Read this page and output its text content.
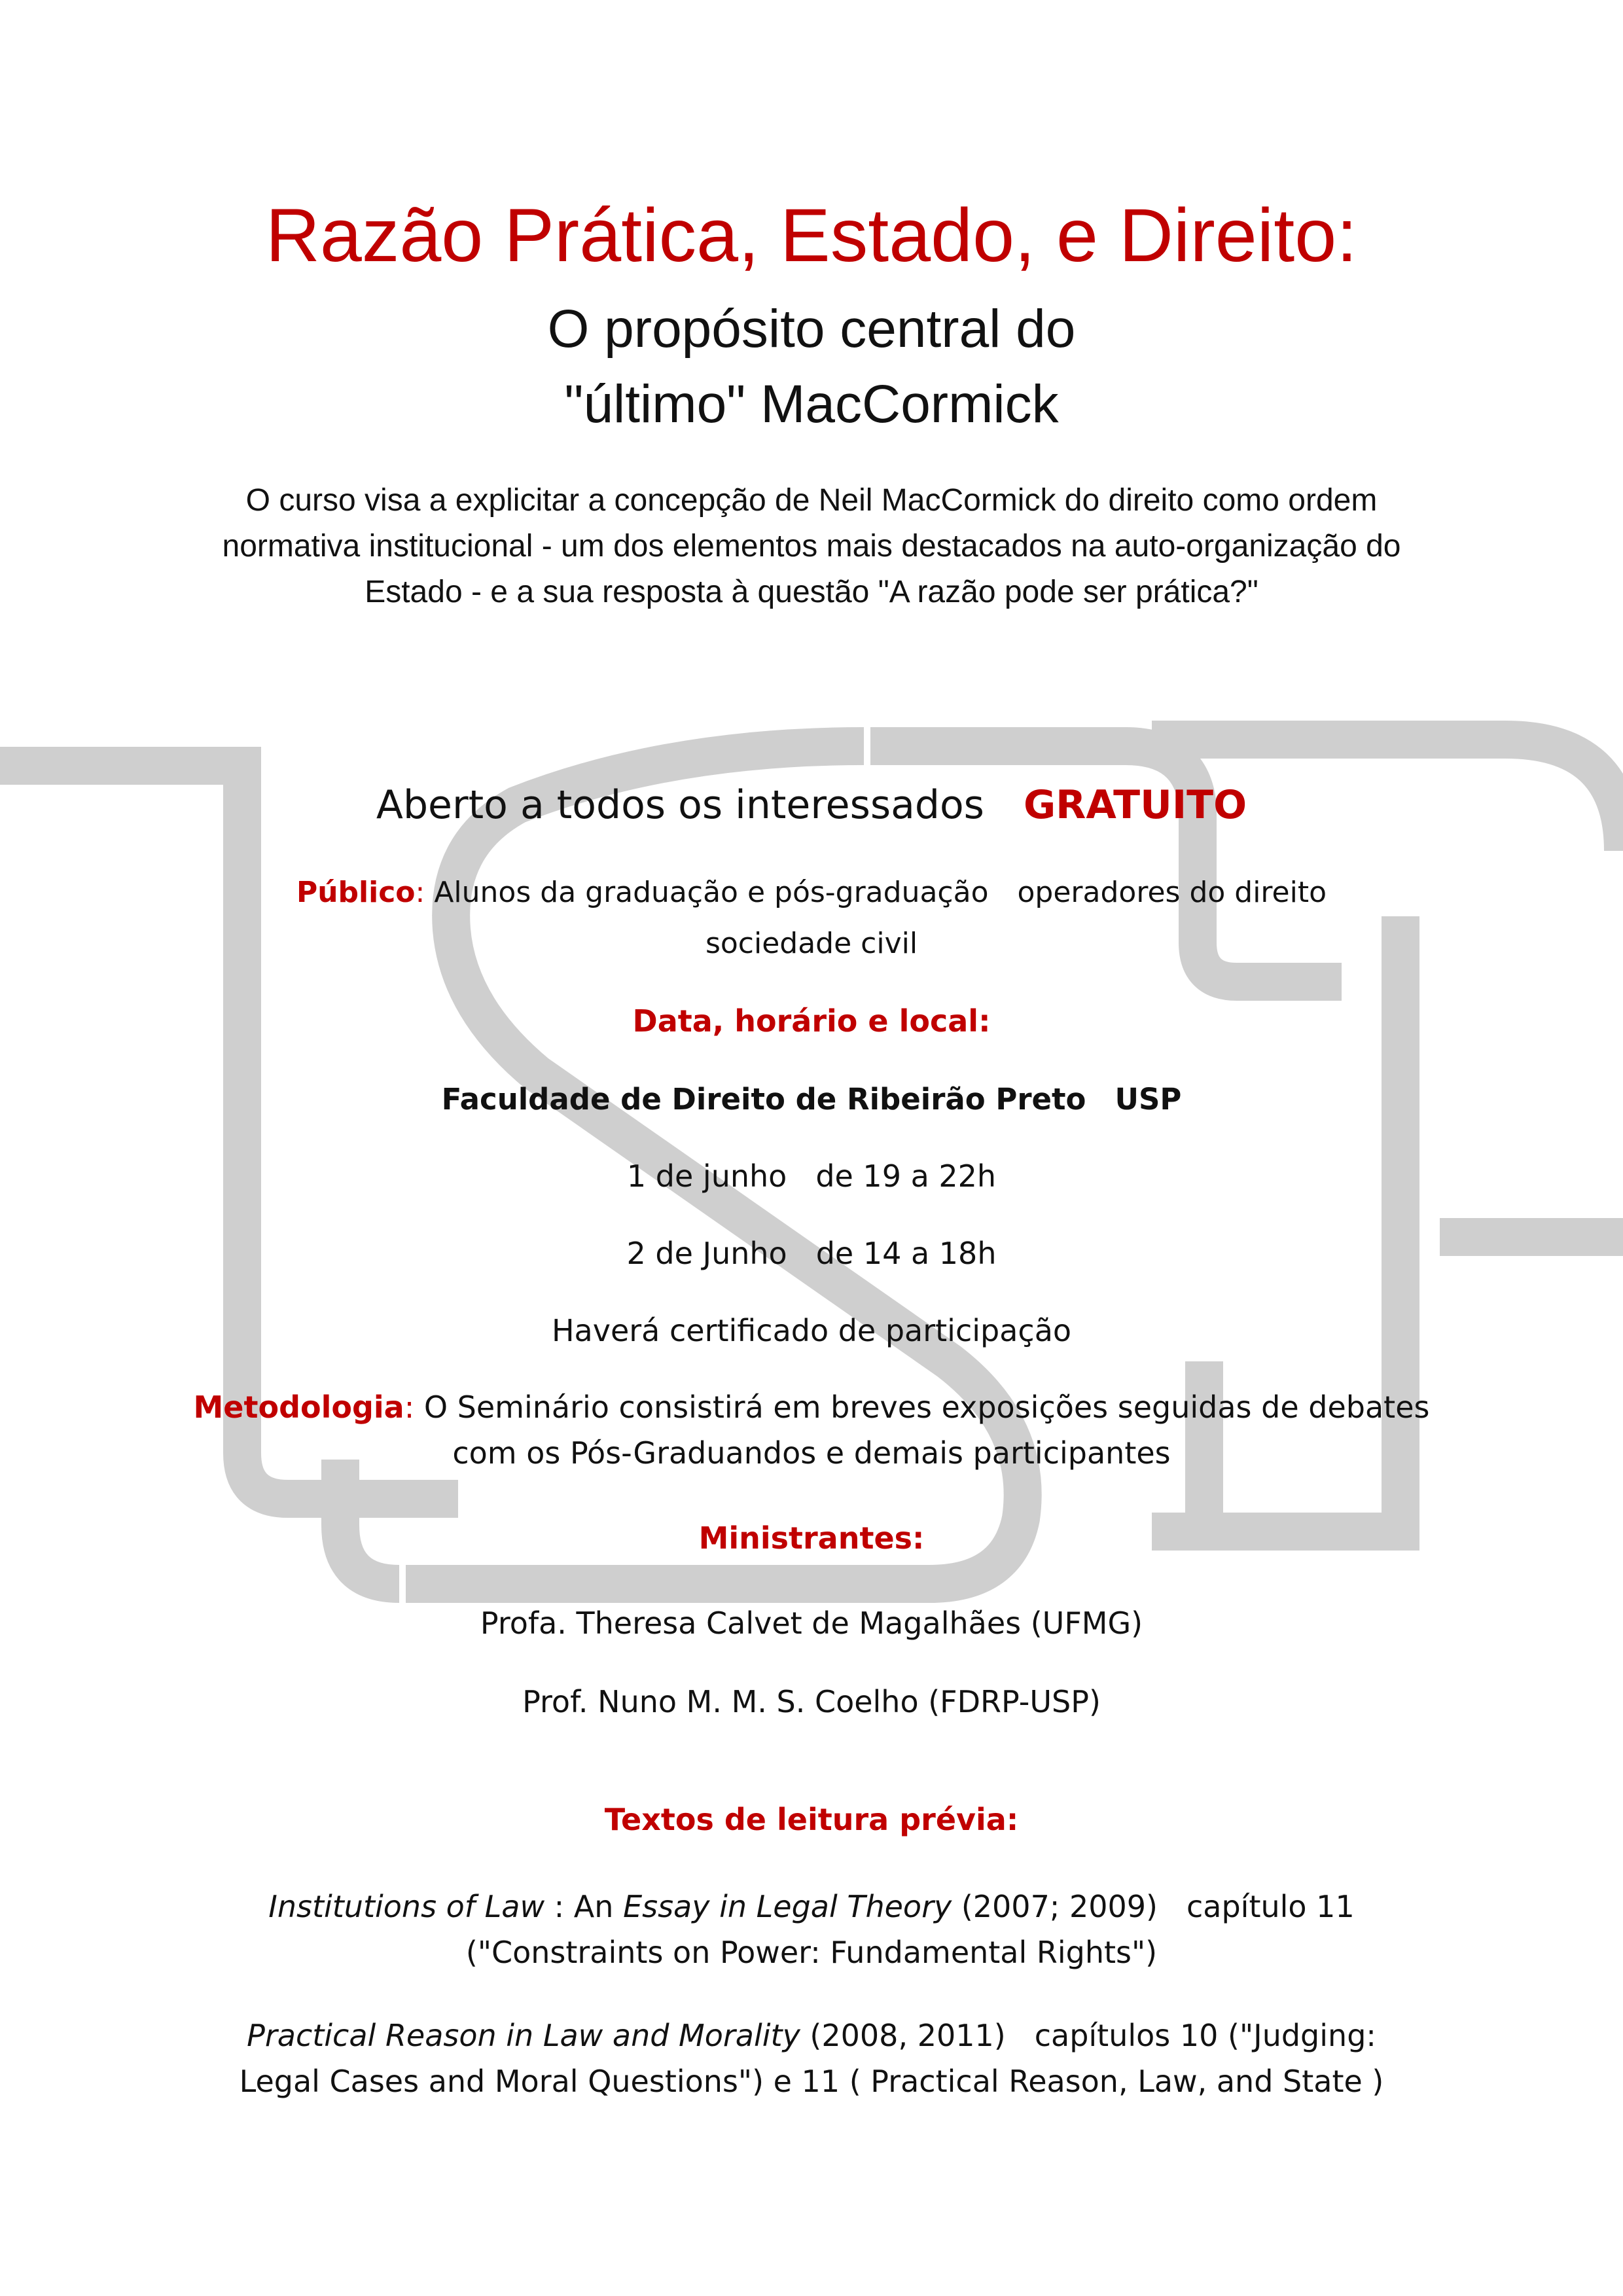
Razão Prática, Estado, e Direito:
O propósito central do
"último" MacCormick
O curso visa a explicitar a concepção de Neil MacCormick do direito como ordem normativa institucional - um dos elementos mais destacados na auto-organização do Estado - e a sua resposta à questão "A razão pode ser prática?"
Aberto a todos os interessados GRATUITO
Público: Alunos da graduação e pós-graduação operadores do direito
sociedade civil
Data, horário e local:
Faculdade de Direito de Ribeirão Preto USP
1 de junho de 19 a 22h
2 de Junho de 14 a 18h
Haverá certificado de participação
Metodologia: O Seminário consistirá em breves exposições seguidas de debates com os Pós-Graduandos e demais participantes
Ministrantes:
Profa. Theresa Calvet de Magalhães (UFMG)
Prof. Nuno M. M. S. Coelho (FDRP-USP)
Textos de leitura prévia:
Institutions of Law : An Essay in Legal Theory (2007; 2009) capítulo 11
("Constraints on Power: Fundamental Rights")
Practical Reason in Law and Morality (2008, 2011) capítulos 10 ("Judging: Legal Cases and Moral Questions") e 11 ( Practical Reason, Law, and State )
